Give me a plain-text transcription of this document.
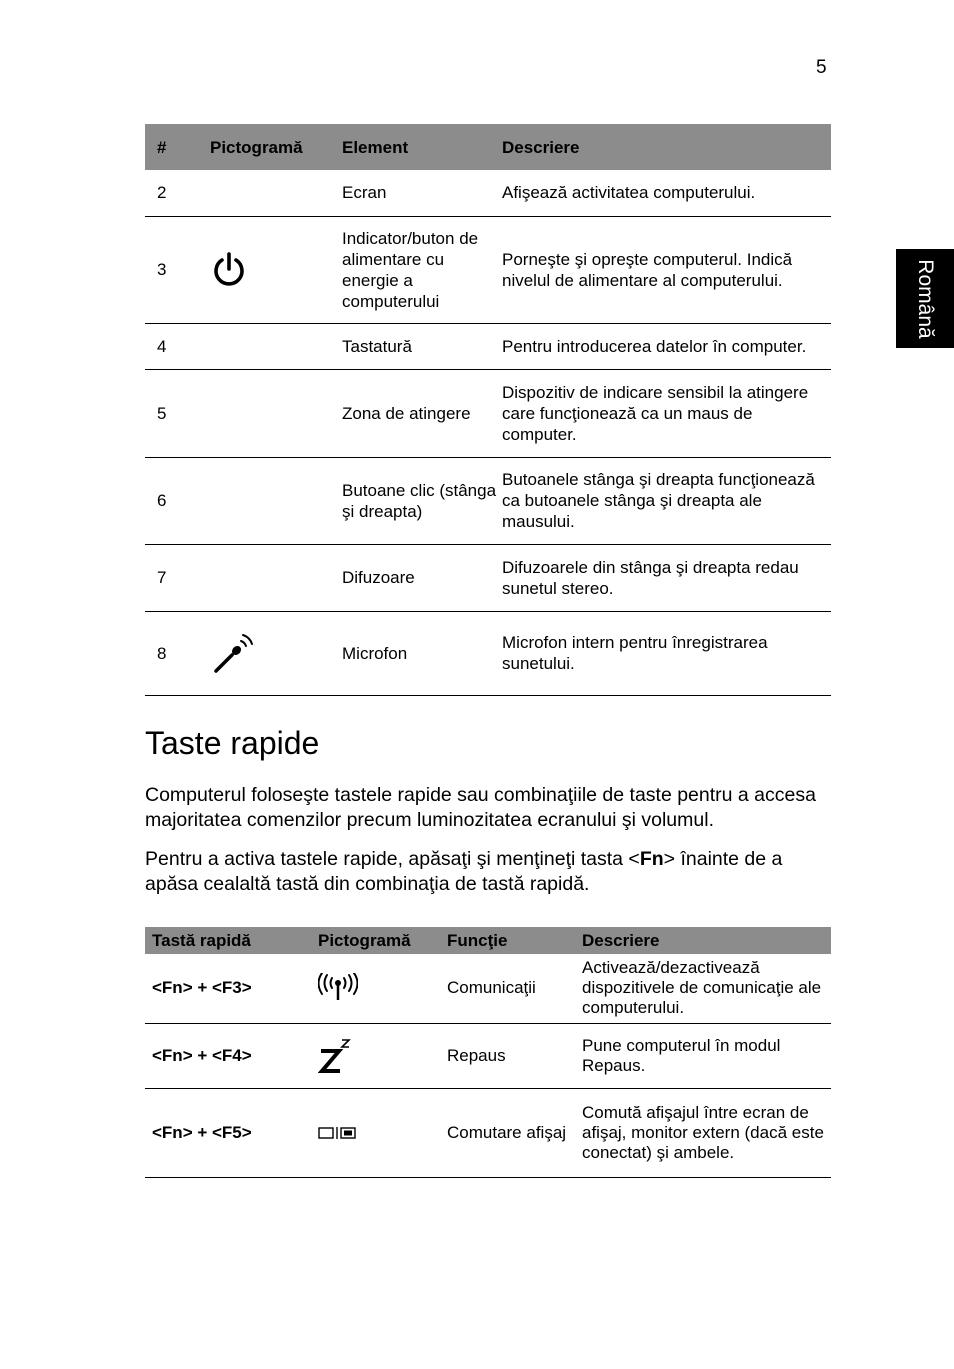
5
Română
#	Pictogramă	Element	Descriere
2		Ecran	Afişează activitatea computerului.
3		Indicator/buton de alimentare cu energie a computerului	Porneşte şi opreşte computerul. Indică nivelul de alimentare al computerului.
4		Tastatură	Pentru introducerea datelor în computer.
5		Zona de atingere	Dispozitiv de indicare sensibil la atingere care funcţionează ca un maus de computer.
6		Butoane clic (stânga şi dreapta)	Butoanele stânga şi dreapta funcţionează ca butoanele stânga şi dreapta ale mausului.
7		Difuzoare	Difuzoarele din stânga şi dreapta redau sunetul stereo.
8		Microfon	Microfon intern pentru înregistrarea sunetului.
Taste rapide

Computerul foloseşte tastele rapide sau combinaţiile de taste pentru a accesa majoritatea comenzilor precum luminozitatea ecranului şi volumul.

Pentru a activa tastele rapide, apăsaţi şi menţineţi tasta <Fn> înainte de a apăsa cealaltă tastă din combinaţia de tastă rapidă.

Tastă rapidă	Pictogramă	Funcţie	Descriere
<Fn> + <F3>		Comunicaţii	Activează/dezactivează dispozitivele de comunicaţie ale computerului.
<Fn> + <F4>		Repaus	Pune computerul în modul Repaus.
<Fn> + <F5>		Comutare afişaj	Comută afişajul între ecran de afişaj, monitor extern (dacă este conectat) şi ambele.
